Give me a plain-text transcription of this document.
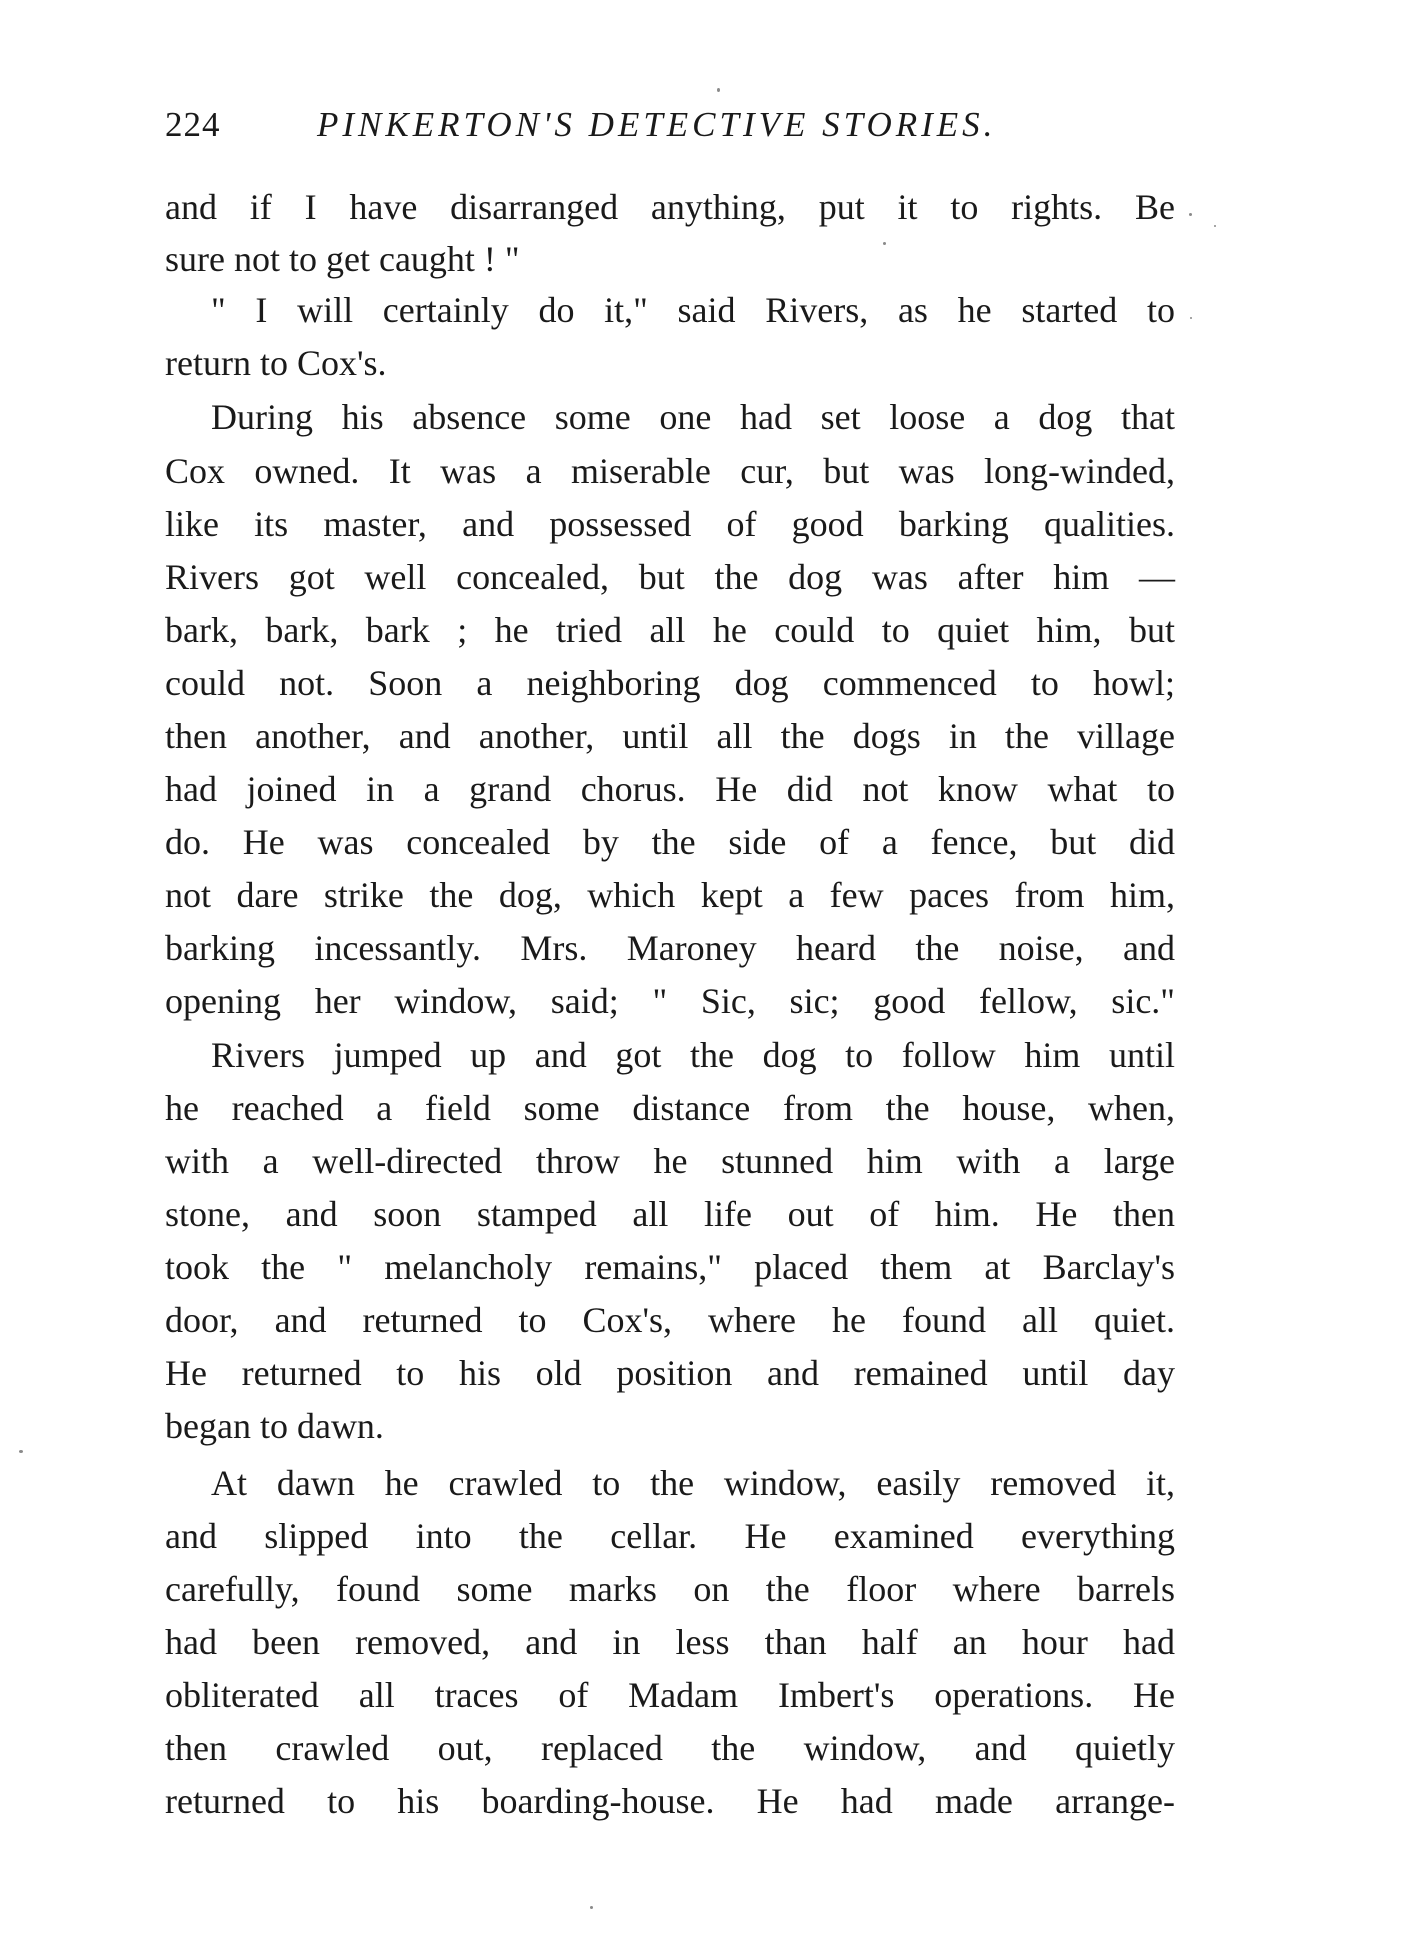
224	PINKERTON'S DETECTIVE STORIES.
and if I have disarranged anything, put it to rights. Be
sure not to get caught ! "
" I will certainly do it," said Rivers, as he started to
return to Cox's.
During his absence some one had set loose a dog that
Cox owned. It was a miserable cur, but was long-winded,
like its master, and possessed of good barking qualities.
Rivers got well concealed, but the dog was after him —
bark, bark, bark ; he tried all he could to quiet him, but
could not. Soon a neighboring dog commenced to howl;
then another, and another, until all the dogs in the village
had joined in a grand chorus. He did not know what to
do. He was concealed by the side of a fence, but did
not dare strike the dog, which kept a few paces from him,
barking incessantly. Mrs. Maroney heard the noise, and
opening her window, said; " Sic, sic; good fellow, sic."
Rivers jumped up and got the dog to follow him until
he reached a field some distance from the house, when,
with a well-directed throw he stunned him with a large
stone, and soon stamped all life out of him. He then
took the " melancholy remains," placed them at Barclay's
door, and returned to Cox's, where he found all quiet.
He returned to his old position and remained until day
began to dawn.
At dawn he crawled to the window, easily removed it,
and slipped into the cellar. He examined everything
carefully, found some marks on the floor where barrels
had been removed, and in less than half an hour had
obliterated all traces of Madam Imbert's operations. He
then crawled out, replaced the window, and quietly
returned to his boarding-house. He had made arrange-
